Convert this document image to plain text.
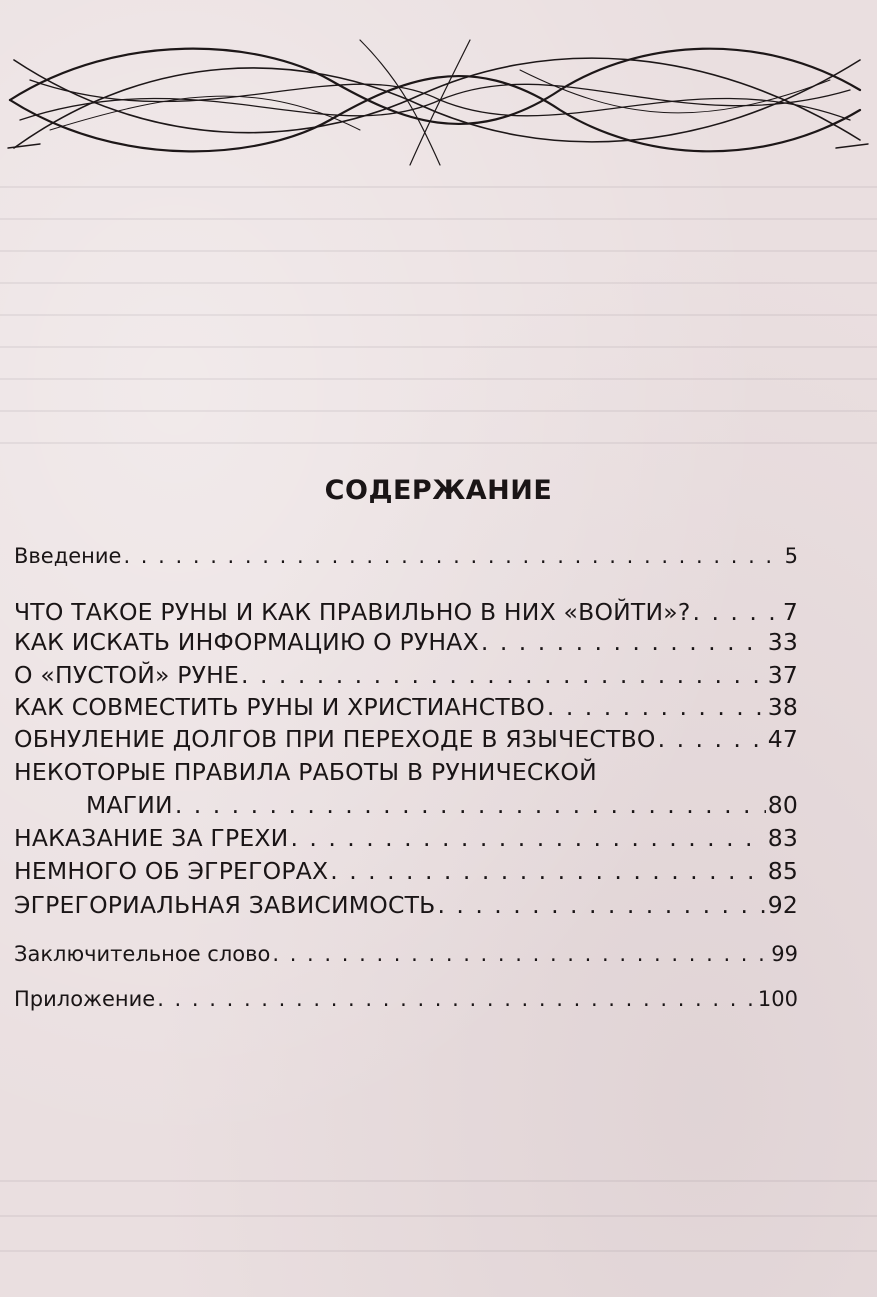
СОДЕРЖАНИЕ
Введение . . .	5
ЧТО ТАКОЕ РУНЫ И КАК ПРАВИЛЬНО В НИХ «ВОЙТИ»? . . .	7
КАК ИСКАТЬ ИНФОРМАЦИЮ О РУНАХ . . .	33
О «ПУСТОЙ» РУНЕ . . .	37
КАК СОВМЕСТИТЬ РУНЫ И ХРИСТИАНСТВО . . .	38
ОБНУЛЕНИЕ ДОЛГОВ ПРИ ПЕРЕХОДЕ В ЯЗЫЧЕСТВО . . .	47
НЕКОТОРЫЕ ПРАВИЛА РАБОТЫ В РУНИЧЕСКОЙ
МАГИИ . . .	80
НАКАЗАНИЕ ЗА ГРЕХИ . . .	83
НЕМНОГО ОБ ЭГРЕГОРАХ . . .	85
ЭГРЕГОРИАЛЬНАЯ ЗАВИСИМОСТЬ . . .	92
Заключительное слово . . .	99
Приложение . . .	100
